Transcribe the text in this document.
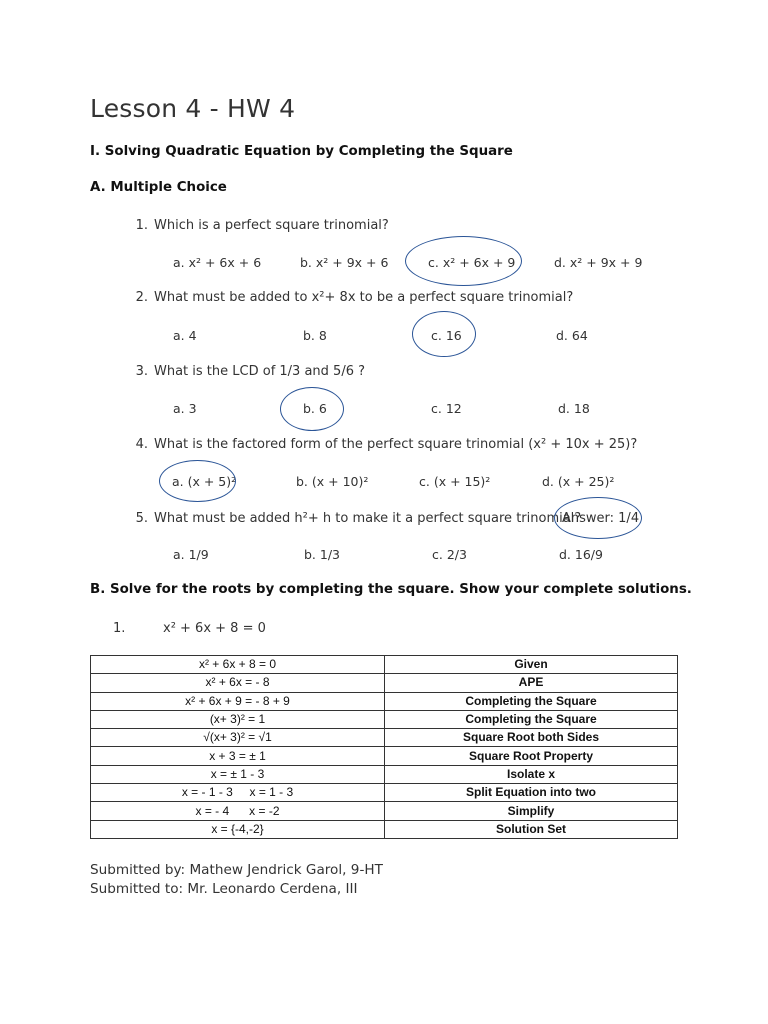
Lesson 4 - HW 4
I. Solving Quadratic Equation by Completing the Square
A. Multiple Choice
1. Which is a perfect square trinomial?
a. x² + 6x + 6	b. x² + 9x + 6	c. x² + 6x + 9	d. x² + 9x + 9
2. What must be added to x²+ 8x to be a perfect square trinomial?
a. 4	b. 8	c. 16	d. 64
3. What is the LCD of 1/3 and 5/6 ?
a. 3	b. 6	c. 12	d. 18
4. What is the factored form of the perfect square trinomial (x² + 10x + 25)?
a. (x + 5)²	b. (x + 10)²	c. (x + 15)²	d. (x + 25)²
5. What must be added h²+ h to make it a perfect square trinomial?
Answer: 1/4
a. 1/9	b. 1/3	c. 2/3	d. 16/9
B. Solve for the roots by completing the square. Show your complete solutions.
1.	x² + 6x + 8 = 0
x² + 6x + 8 = 0	Given
x² + 6x = - 8	APE
x² + 6x + 9 = - 8 + 9	Completing the Square
(x+ 3)² = 1	Completing the Square
√(x+ 3)² = √1	Square Root both Sides
x + 3 = ± 1	Square Root Property
x = ± 1 - 3	Isolate x
x = - 1 - 3     x = 1 - 3	Split Equation into two
x = - 4      x = -2	Simplify
x = {-4,-2}	Solution Set
Submitted by: Mathew Jendrick Garol, 9-HT
Submitted to: Mr. Leonardo Cerdena, III
